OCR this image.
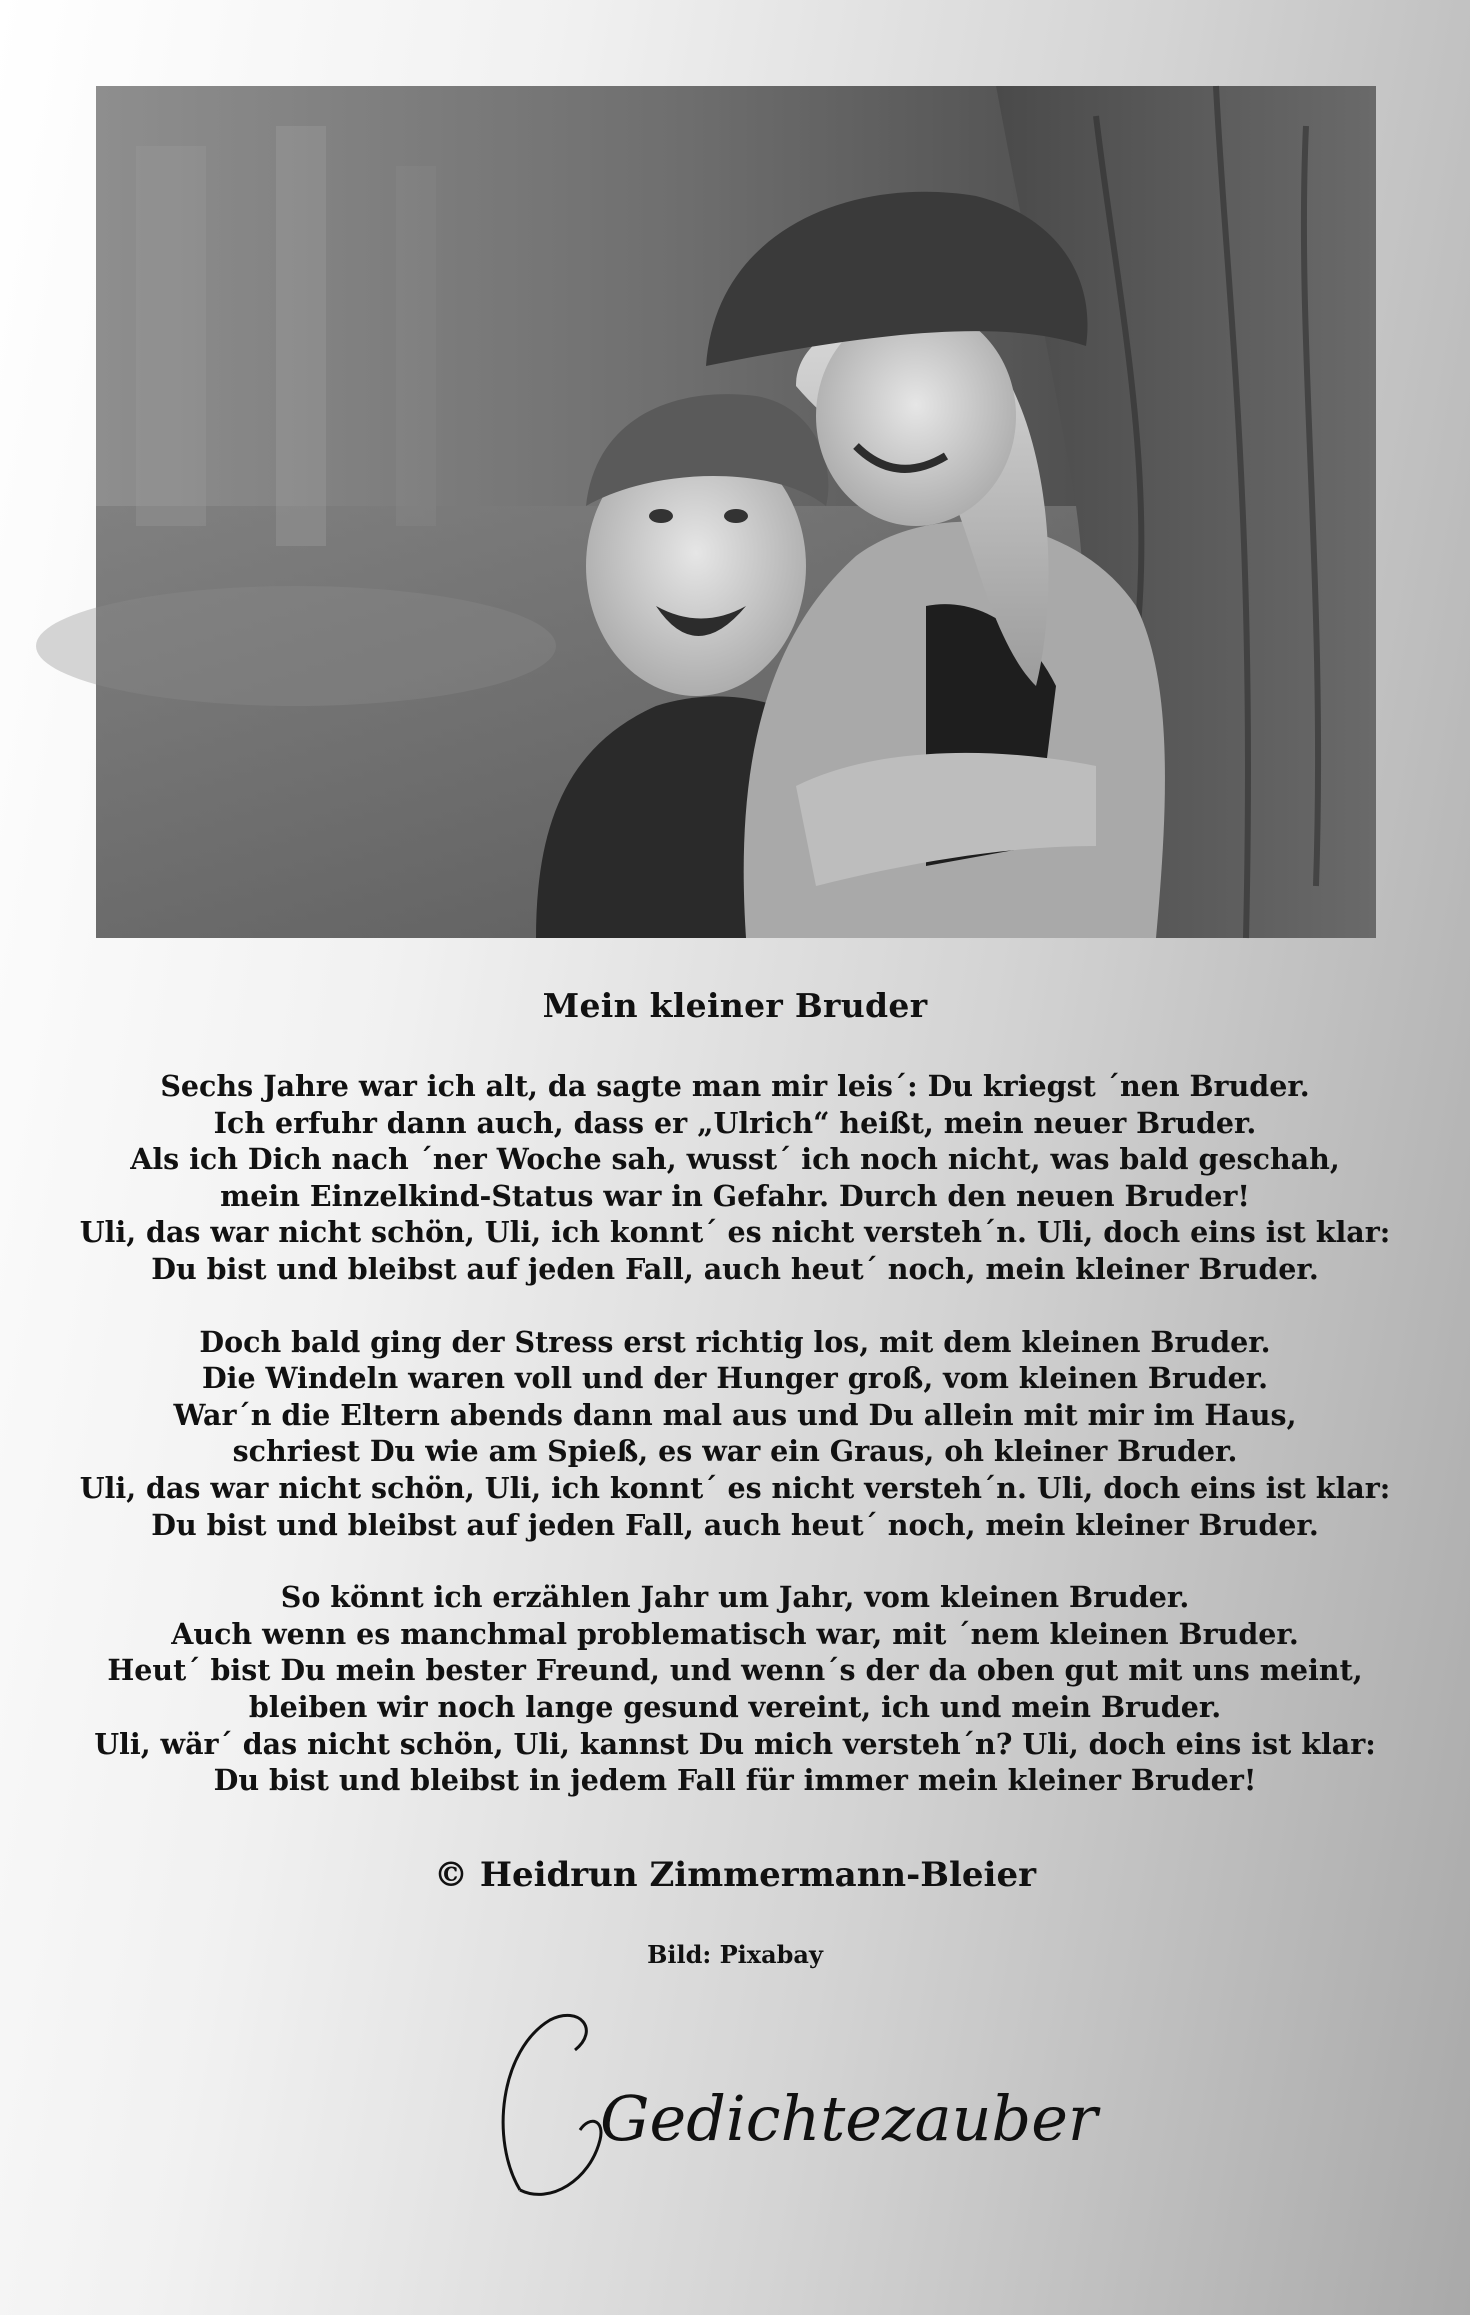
Mein kleiner Bruder
Sechs Jahre war ich alt, da sagte man mir leis´: Du kriegst ´nen Bruder.
Ich erfuhr dann auch, dass er „Ulrich“ heißt, mein neuer Bruder.
Als ich Dich nach ´ner Woche sah, wusst´ ich noch nicht, was bald geschah,
mein Einzelkind-Status war in Gefahr. Durch den neuen Bruder!
Uli, das war nicht schön, Uli, ich konnt´ es nicht versteh´n. Uli, doch eins ist klar:
Du bist und bleibst auf jeden Fall, auch heut´ noch, mein kleiner Bruder.
Doch bald ging der Stress erst richtig los, mit dem kleinen Bruder.
Die Windeln waren voll und der Hunger groß, vom kleinen Bruder.
War´n die Eltern abends dann mal aus und Du allein mit mir im Haus,
schriest Du wie am Spieß, es war ein Graus, oh kleiner Bruder.
Uli, das war nicht schön, Uli, ich konnt´ es nicht versteh´n. Uli, doch eins ist klar:
Du bist und bleibst auf jeden Fall, auch heut´ noch, mein kleiner Bruder.
So könnt ich erzählen Jahr um Jahr, vom kleinen Bruder.
Auch wenn es manchmal problematisch war, mit ´nem kleinen Bruder.
Heut´ bist Du mein bester Freund, und wenn´s der da oben gut mit uns meint,
bleiben wir noch lange gesund vereint, ich und mein Bruder.
Uli, wär´ das nicht schön, Uli, kannst Du mich versteh´n? Uli, doch eins ist klar:
Du bist und bleibst in jedem Fall für immer mein kleiner Bruder!
© Heidrun Zimmermann-Bleier
Bild: Pixabay
Gedichtezauber
